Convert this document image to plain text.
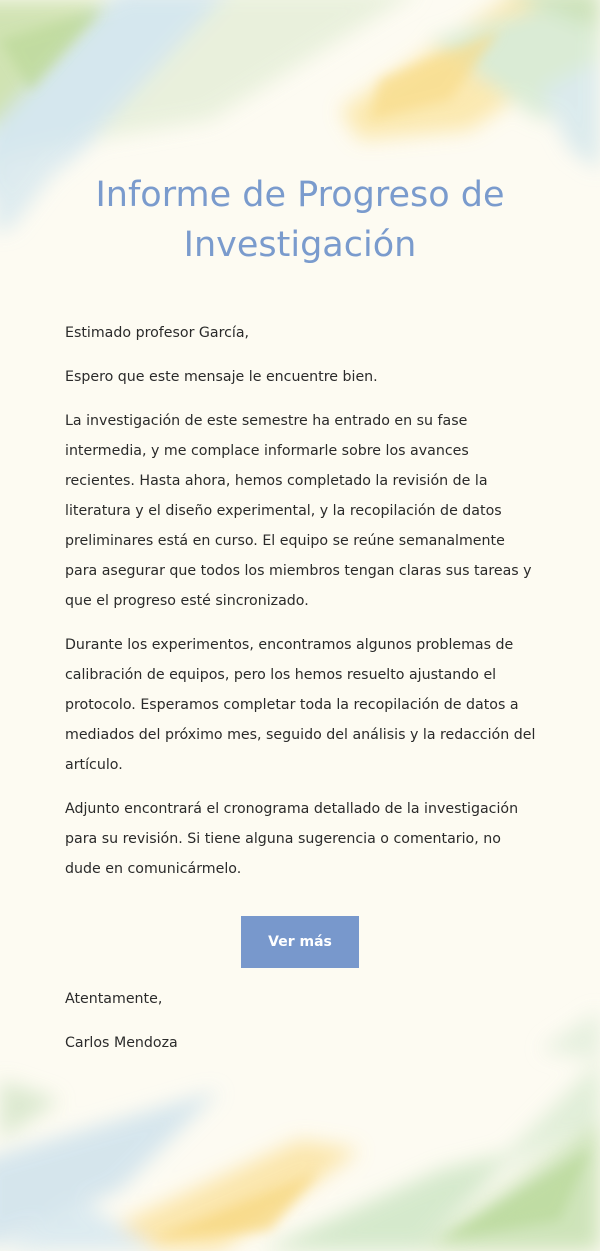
Informe de Progreso de Investigación

Estimado profesor García,

Espero que este mensaje le encuentre bien.

La investigación de este semestre ha entrado en su fase intermedia, y me complace informarle sobre los avances recientes. Hasta ahora, hemos completado la revisión de la literatura y el diseño experimental, y la recopilación de datos preliminares está en curso. El equipo se reúne semanalmente para asegurar que todos los miembros tengan claras sus tareas y que el progreso esté sincronizado.

Durante los experimentos, encontramos algunos problemas de calibración de equipos, pero los hemos resuelto ajustando el protocolo. Esperamos completar toda la recopilación de datos a mediados del próximo mes, seguido del análisis y la redacción del artículo.

Adjunto encontrará el cronograma detallado de la investigación para su revisión. Si tiene alguna sugerencia o comentario, no dude en comunicármelo.

Ver más

Atentamente,

Carlos Mendoza
